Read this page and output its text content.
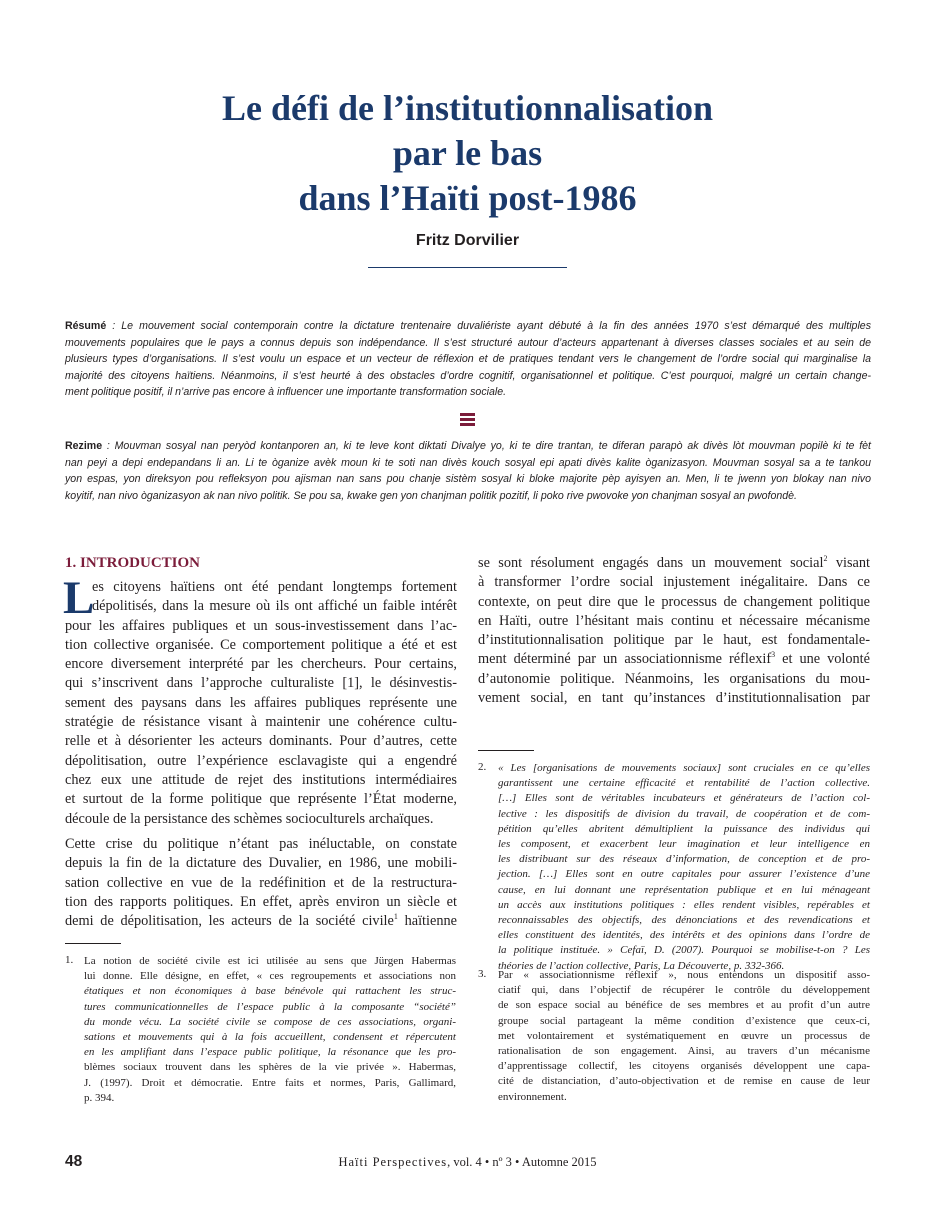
Le défi de l’institutionnalisation
par le bas
dans l’Haïti post-1986
Fritz Dorvilier
Résumé : Le mouvement social contemporain contre la dictature trentenaire duvaliériste ayant débuté à la fin des années 1970 s’est démarqué des multiples
mouvements populaires que le pays a connus depuis son indépendance. Il s’est structuré autour d’acteurs appartenant à diverses classes sociales et au sein de
plusieurs types d’organisations. Il s’est voulu un espace et un vecteur de réflexion et de pratiques tendant vers le changement de l’ordre social qui marginalise la
majorité des citoyens haïtiens. Néanmoins, il s’est heurté à des obstacles d’ordre cognitif, organisationnel et politique. C’est pourquoi, malgré un certain change-
ment politique positif, il n’arrive pas encore à influencer une importante transformation sociale.
Rezime : Mouvman sosyal nan peryòd kontanporen an, ki te leve kont diktati Divalye yo, ki te dire trantan, te diferan parapò ak divès lòt mouvman popilè ki te fèt
nan peyi a depi endepandans li an. Li te òganize avèk moun ki te soti nan divès kouch sosyal epi apati divès kalite òganizasyon. Mouvman sosyal sa a te tankou
yon espas, yon direksyon pou refleksyon pou ajisman nan sans pou chanje sistèm sosyal ki bloke majorite pèp ayisyen an. Men, li te jwenn yon blokay nan nivo
koyitif, nan nivo òganizasyon ak nan nivo politik. Se pou sa, kwake gen yon chanjman politik pozitif, li poko rive pwovoke yon chanjman sosyal an pwofondè.
1. INTRODUCTION
L
es citoyens haïtiens ont été pendant longtemps fortement
dépolitisés, dans la mesure où ils ont affiché un faible intérêt
pour les affaires publiques et un sous-investissement dans l’ac-
tion collective organisée. Ce comportement politique a été et est
encore diversement interprété par les chercheurs. Pour certains,
qui s’inscrivent dans l’approche culturaliste [1], le désinvestis-
sement des paysans dans les affaires publiques représente une
stratégie de résistance visant à maintenir une cohérence cultu-
relle et à désorienter les acteurs dominants. Pour d’autres, cette
dépolitisation, outre l’expérience esclavagiste qui a engendré
chez eux une attitude de rejet des institutions intermédiaires
et surtout de la forme politique que représente l’État moderne,
découle de la persistance des schèmes socioculturels archaïques.
Cette crise du politique n’étant pas inéluctable, on constate
depuis la fin de la dictature des Duvalier, en 1986, une mobili-
sation collective en vue de la redéfinition et de la restructura-
tion des rapports politiques. En effet, après environ un siècle et
demi de dépolitisation, les acteurs de la société civile$^1$ haïtienne
1. La notion de société civile est ici utilisée au sens que Jürgen Habermas
lui donne. Elle désigne, en effet, « ces regroupements et associations non
étatiques et non économiques à base bénévole qui rattachent les struc-
tures communicationnelles de l’espace public à la composante “société”
du monde vécu. La société civile se compose de ces associations, organi-
sations et mouvements qui à la fois accueillent, condensent et répercutent
en les amplifiant dans l’espace public politique, la résonance que les pro-
blèmes sociaux trouvent dans les sphères de la vie privée ». Habermas,
J. (1997). Droit et démocratie. Entre faits et normes, Paris, Gallimard,
p. 394.
se sont résolument engagés dans un mouvement social$^2$ visant
à transformer l’ordre social injustement inégalitaire. Dans ce
contexte, on peut dire que le processus de changement politique
en Haïti, outre l’hésitant mais continu et nécessaire mécanisme
d’institutionnalisation politique par le haut, est fondamentale-
ment déterminé par un associationnisme réflexif$^3$ et une volonté
d’autonomie politique. Néanmoins, les organisations du mou-
vement social, en tant qu’instances d’institutionnalisation par
2. « Les [organisations de mouvements sociaux] sont cruciales en ce qu’elles
garantissent une certaine efficacité et rentabilité de l’action collective.
[…] Elles sont de véritables incubateurs et générateurs de l’action col-
lective : les dispositifs de division du travail, de coopération et de com-
pétition qu’elles abritent démultiplient la puissance des individus qui
les composent, et exacerbent leur imagination et leur intelligence en
les distribuant sur des réseaux d’information, de conception et de pro-
jection. […] Elles sont en outre capitales pour assurer l’existence d’une
cause, en lui donnant une représentation publique et en lui ménageant
un accès aux institutions politiques : elles rendent visibles, repérables et
reconnaissables des objectifs, des dénonciations et des revendications et
elles constituent des identités, des intérêts et des opinions dans l’ordre de
la politique instituée. » Cefaï, D. (2007). Pourquoi se mobilise-t-on ? Les
théories de l’action collective, Paris, La Découverte, p. 332-366.
3. Par « associationnisme réflexif », nous entendons un dispositif asso-
ciatif qui, dans l’objectif de récupérer le contrôle du développement
de son espace social au bénéfice de ses membres et au profit d’un autre
groupe social partageant la même condition d’existence que ceux-ci,
met volontairement et systématiquement en œuvre un processus de
rationalisation de son engagement. Ainsi, au travers d’un mécanisme
d’apprentissage collectif, les citoyens organisés développent une capa-
cité de distanciation, d’auto-objectivation et de remise en cause de leur
environnement.
48	Haïti Perspectives, vol. 4 • nº 3 • Automne 2015
